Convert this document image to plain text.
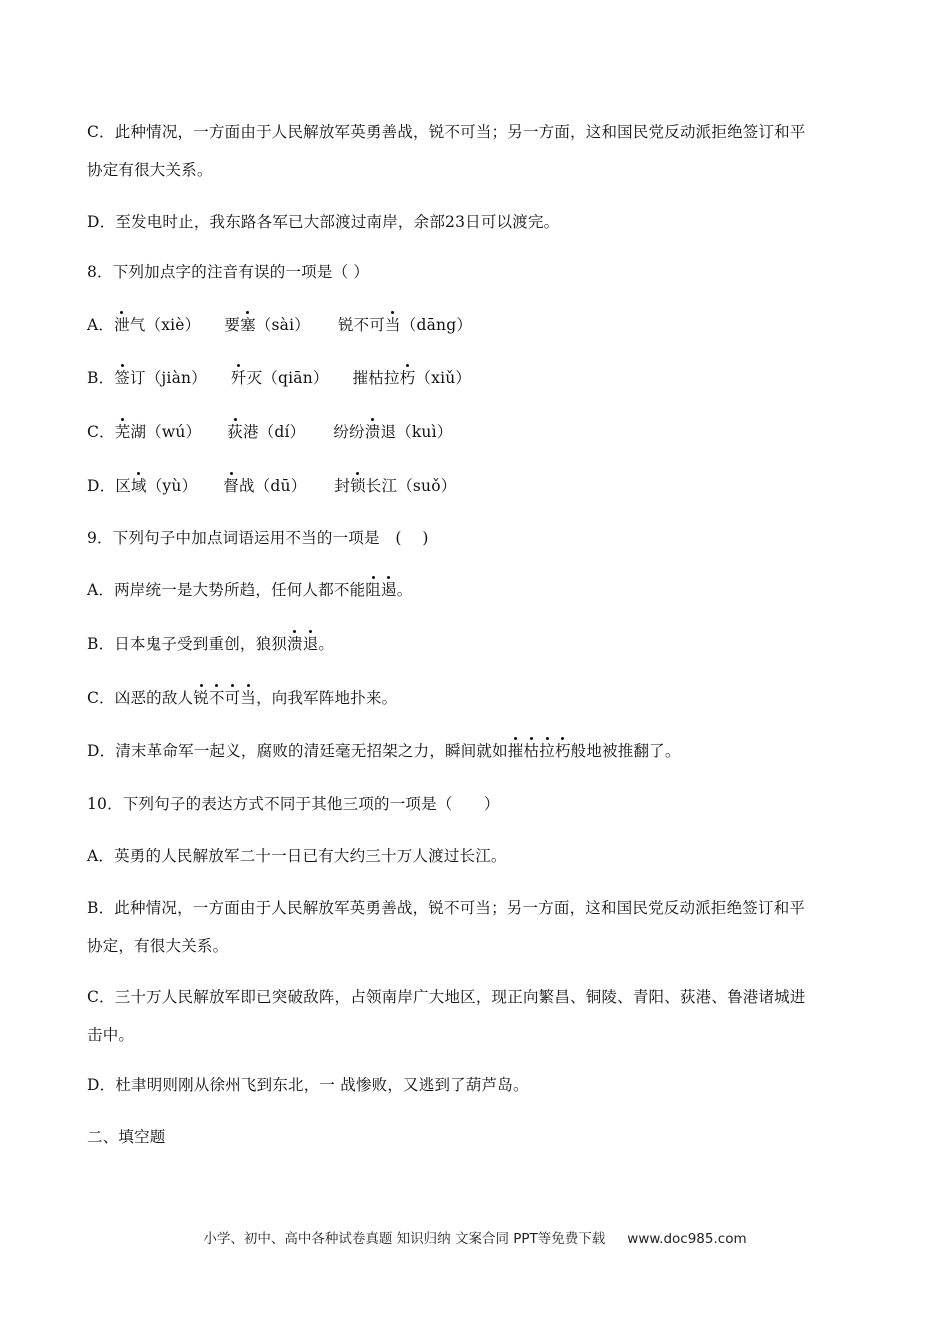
C．此种情况，一方面由于人民解放军英勇善战，锐不可当；另一方面，这和国民党反动派拒绝签订和平
协定有很大关系。
D．至发电时止，我东路各军已大部渡过南岸，余部23日可以渡完。
8．下列加点字的注音有误的一项是（ ）
A．泄气（xiè） 要塞（sài） 锐不可当（dāng）
B．签订（jiàn） 歼灭（qiān） 摧枯拉朽（xiǔ）
C．芜湖（wú） 荻港（dí） 纷纷溃退（kuì）
D．区域（yù） 督战（dū） 封锁长江（suǒ）
9．下列句子中加点词语运用不当的一项是　(　 )
A．两岸统一是大势所趋，任何人都不能阻遏。
B．日本鬼子受到重创，狼狈溃退。
C．凶恶的敌人锐不可当，向我军阵地扑来。
D．清末革命军一起义，腐败的清廷毫无招架之力，瞬间就如摧枯拉朽般地被推翻了。
10．下列句子的表达方式不同于其他三项的一项是（　　）
A．英勇的人民解放军二十一日已有大约三十万人渡过长江。
B．此种情况，一方面由于人民解放军英勇善战，锐不可当；另一方面，这和国民党反动派拒绝签订和平
协定，有很大关系。
C．三十万人民解放军即已突破敌阵，占领南岸广大地区，现正向繁昌、铜陵、青阳、荻港、鲁港诸城进
击中。
D．杜聿明则刚从徐州飞到东北，一 战惨败，又逃到了葫芦岛。
二、填空题
小学、初中、高中各种试卷真题 知识归纳 文案合同 PPT等免费下载 www.doc985.com
